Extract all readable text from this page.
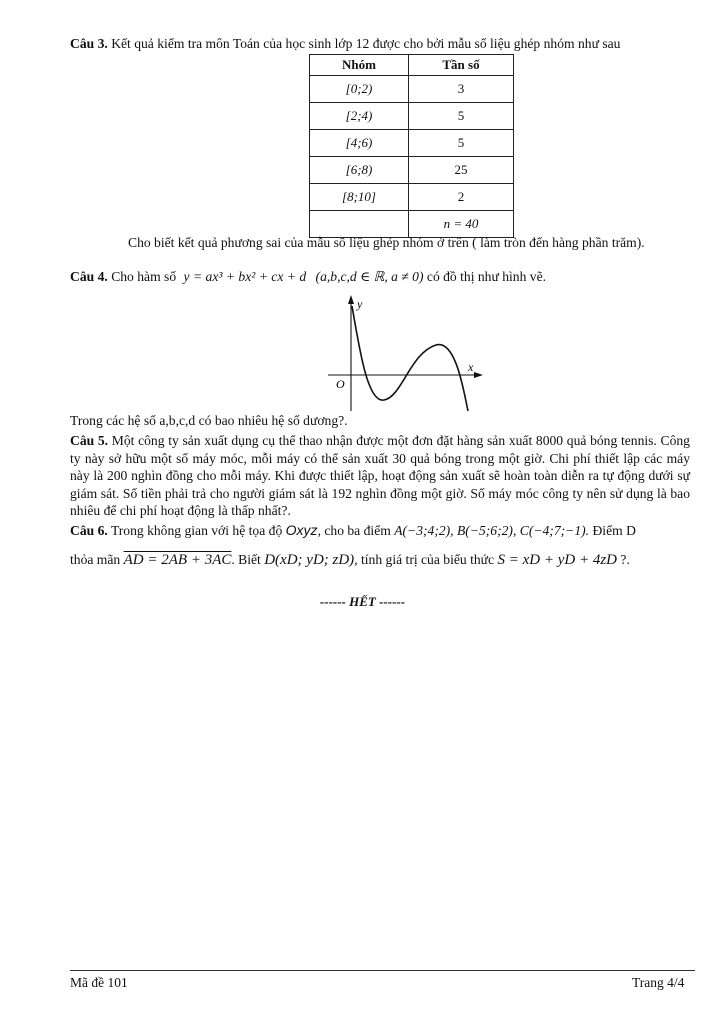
Câu 3. Kết quả kiểm tra môn Toán của học sinh lớp 12 được cho bởi mẫu số liệu ghép nhóm như sau
Nhóm	Tần số
[0;2)	3
[2;4)	5
[4;6)	5
[6;8)	25
[8;10]	2
	n = 40
Cho biết kết quả phương sai của mẫu số liệu ghép nhóm ở trên ( làm tròn đến hàng phần trăm).
Câu 4. Cho hàm số y = ax³ + bx² + cx + d (a,b,c,d ∈ ℝ, a ≠ 0) có đồ thị như hình vẽ.
y
x
O
Trong các hệ số a,b,c,d có bao nhiêu hệ số dương?.
Câu 5. Một công ty sản xuất dụng cụ thể thao nhận được một đơn đặt hàng sản xuất 8000 quả bóng tennis. Công ty này sở hữu một số máy móc, mỗi máy có thể sản xuất 30 quả bóng trong một giờ. Chi phí thiết lập các máy này là 200 nghìn đồng cho mỗi máy. Khi được thiết lập, hoạt động sản xuất sẽ hoàn toàn diễn ra tự động dưới sự giám sát. Số tiền phải trả cho người giám sát là 192 nghìn đồng một giờ. Số máy móc công ty nên sử dụng là bao nhiêu để chi phí hoạt động là thấp nhất?.
Câu 6. Trong không gian với hệ tọa độ Oxyz, cho ba điểm A(−3;4;2), B(−5;6;2), C(−4;7;−1). Điểm D
thỏa mãn AD = 2AB + 3AC. Biết D(xD; yD; zD), tính giá trị của biểu thức S = xD + yD + 4zD ?.
------ HẾT ------
Mã đề 101	Trang 4/4
